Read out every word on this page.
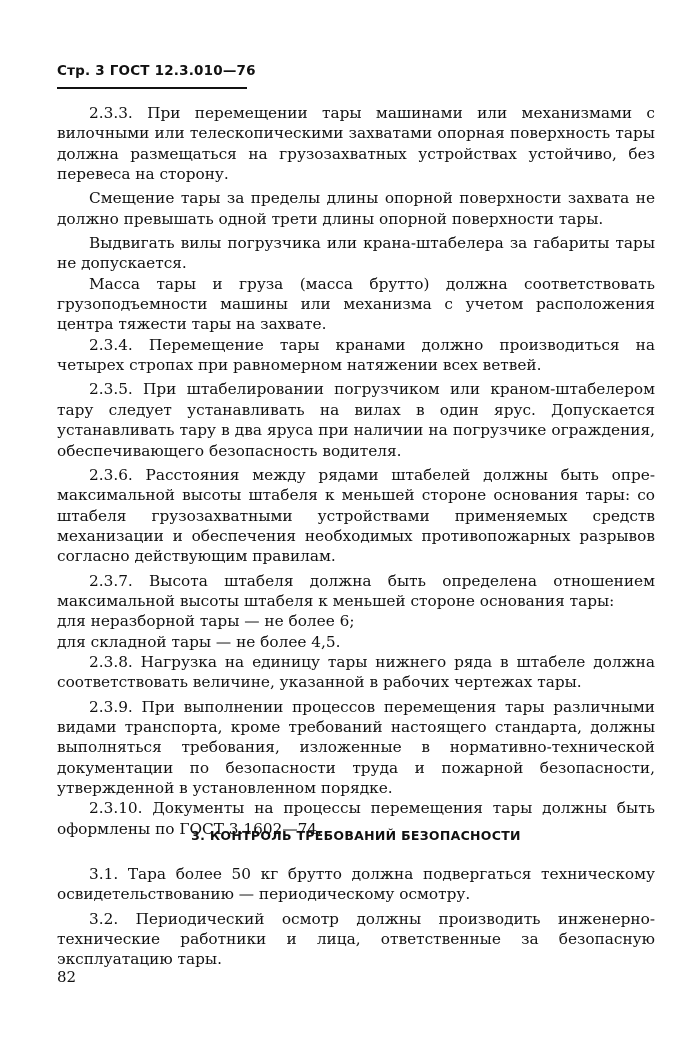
Стр. 3 ГОСТ 12.3.010—76

2.3.3. При перемещении тары машинами или механизмами с вилочными или телескопическими захватами опорная поверхность тары должна размещаться на грузозахватных устройствах устойчиво, без перевеса на сторону.

Смещение тары за пределы длины опорной поверхности захвата не должно превышать одной трети длины опорной поверхности тары.

Выдвигать вилы погрузчика или крана-штабелера за габариты тары не допускается.

Масса тары и груза (масса брутто) должна соответствовать грузоподъемности машины или механизма с учетом расположения центра тяжести тары на захвате.

2.3.4. Перемещение тары кранами должно производиться на четырех стропах при равномерном натяжении всех ветвей.

2.3.5. При штабелировании погрузчиком или краном-штабелером тару следует устанавливать на вилах в один ярус. Допускается устанавливать тару в два яруса при наличии на погрузчике ограждения, обеспечивающего безопасность водителя.

2.3.6. Расстояния между рядами штабелей должны быть опре-максимальной высоты штабеля к меньшей стороне основания тары: со штабеля грузозахватными устройствами применяемых средств механизации и обеспечения необходимых противопожарных разрывов согласно действующим правилам.

2.3.7. Высота штабеля должна быть определена отношением максимальной высоты штабеля к меньшей стороне основания тары:

для неразборной тары — не более 6;

для складной тары — не более 4,5.

2.3.8. Нагрузка на единицу тары нижнего ряда в штабеле должна соответствовать величине, указанной в рабочих чертежах тары.

2.3.9. При выполнении процессов перемещения тары различными видами транспорта, кроме требований настоящего стандарта, должны выполняться требования, изложенные в нормативно-технической документации по безопасности труда и пожарной безопасности, утвержденной в установленном порядке.

2.3.10. Документы на процессы перемещения тары должны быть оформлены по ГОСТ 3.1602—74.

3. КОНТРОЛЬ ТРЕБОВАНИЙ БЕЗОПАСНОСТИ

3.1. Тара более 50 кг брутто должна подвергаться техническому освидетельствованию — периодическому осмотру.

3.2. Периодический осмотр должны производить инженерно-технические работники и лица, ответственные за безопасную эксплуатацию тары.

82
